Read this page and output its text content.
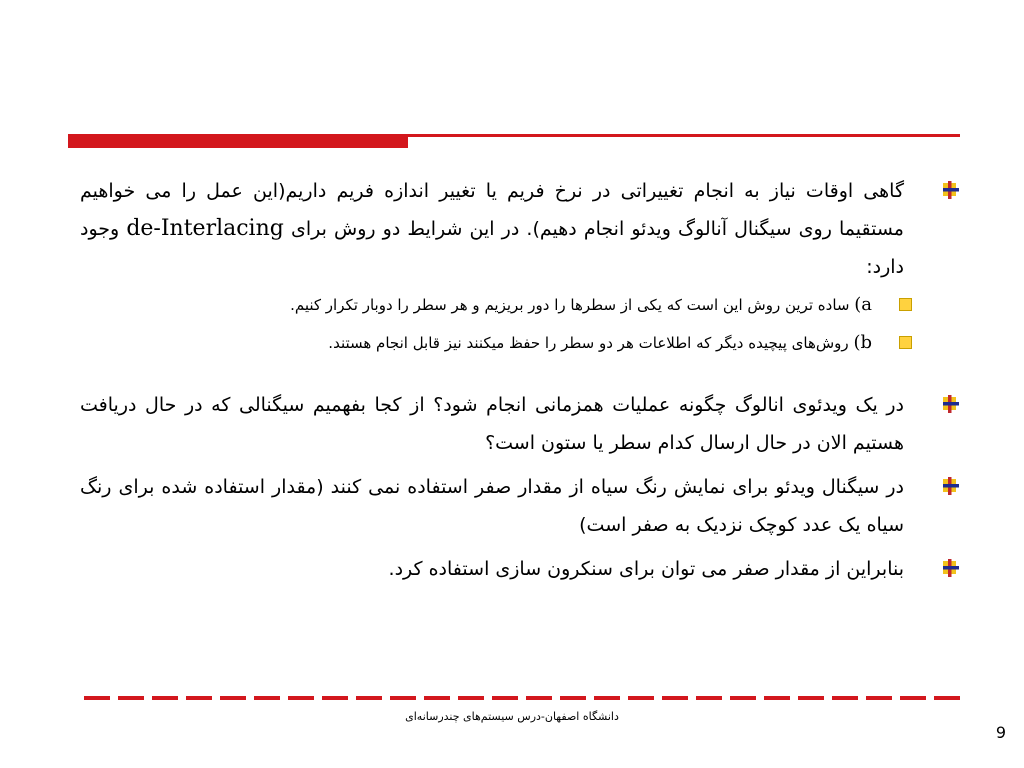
گاهی اوقات نیاز به انجام تغییراتی در نرخ فریم یا تغییر اندازه فریم داریم(این عمل را می خواهیم مستقیما روی سیگنال آنالوگ ویدئو انجام دهیم). در این شرایط دو روش برای de-Interlacing وجود دارد:
a) ساده ترین روش این است که یکی از سطرها را دور بریزیم و هر سطر را دوبار تکرار کنیم.
b) روش‌های پیچیده دیگر که اطلاعات هر دو سطر را حفظ میکنند نیز قابل انجام هستند.
در یک ویدئوی انالوگ چگونه عملیات همزمانی انجام شود؟ از کجا بفهمیم سیگنالی که در حال دریافت هستیم الان در حال ارسال کدام سطر یا ستون است؟
در سیگنال ویدئو برای نمایش رنگ سیاه از مقدار صفر استفاده نمی کنند (مقدار استفاده شده برای رنگ سیاه یک عدد کوچک نزدیک به صفر است)
بنابراین از مقدار صفر می توان برای سنکرون سازی استفاده کرد.
دانشگاه اصفهان-درس سیستم‌های چندرسانه‌ای
9
